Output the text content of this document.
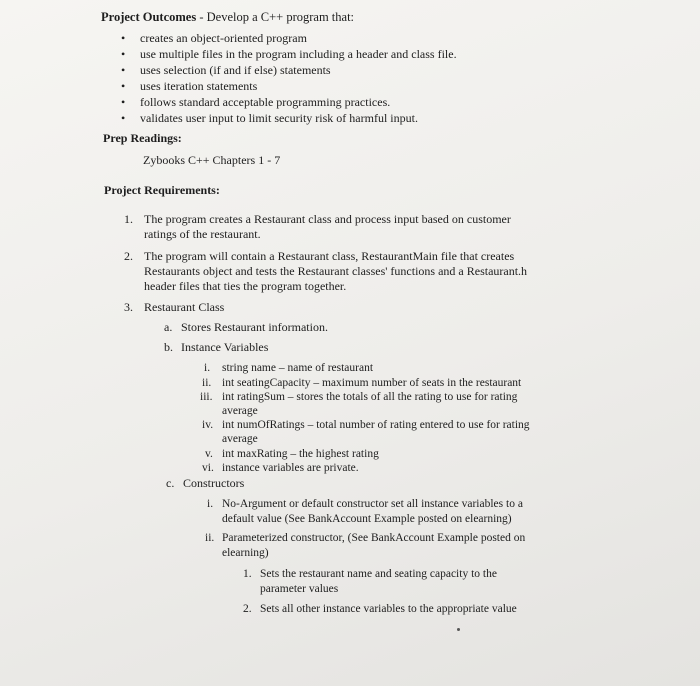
Project Outcomes - Develop a C++ program that:
• creates an object-oriented program
• use multiple files in the program including a header and class file.
• uses selection (if and if else) statements
• uses iteration statements
• follows standard acceptable programming practices.
• validates user input to limit security risk of harmful input.
Prep Readings:
Zybooks C++ Chapters 1 - 7
Project Requirements:
1. The program creates a Restaurant class and process input based on customer
ratings of the restaurant.
2. The program will contain a Restaurant class, RestaurantMain file that creates
Restaurants object and tests the Restaurant classes' functions and a Restaurant.h
header files that ties the program together.
3. Restaurant Class
a. Stores Restaurant information.
b. Instance Variables
i. string name – name of restaurant
ii. int seatingCapacity – maximum number of seats in the restaurant
iii. int ratingSum – stores the totals of all the rating to use for rating
average
iv. int numOfRatings – total number of rating entered to use for rating
average
v. int maxRating – the highest rating
vi. instance variables are private.
c. Constructors
i. No-Argument or default constructor set all instance variables to a
default value (See BankAccount Example posted on elearning)
ii. Parameterized constructor, (See BankAccount Example posted on
elearning)
1. Sets the restaurant name and seating capacity to the
parameter values
2. Sets all other instance variables to the appropriate value
